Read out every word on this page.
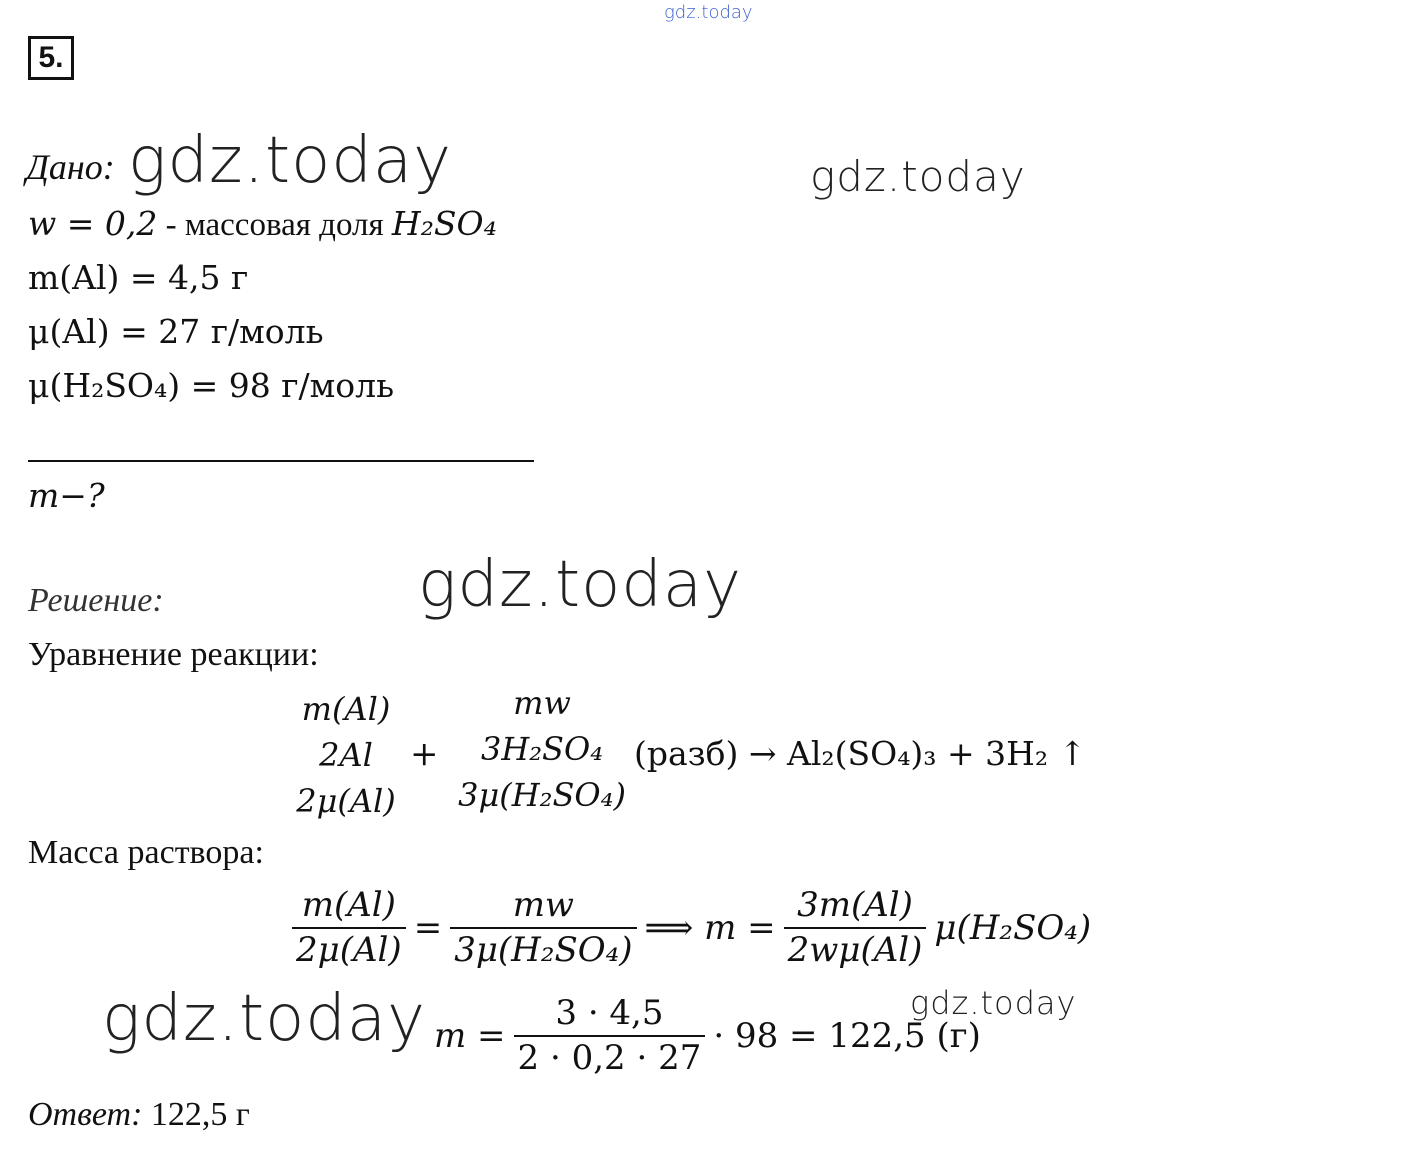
gdz.today
5.
Дано: gdz.today	gdz.today
w = 0,2 - массовая доля H₂SO₄
m(Al) = 4,5 г
μ(Al) = 27 г/моль
μ(H₂SO₄) = 98 г/моль
m−?
Решение:	gdz.today
Уравнение реакции:
m(Al)
2Al
2μ(Al)
+
mw
3H₂SO₄
3μ(H₂SO₄)
(разб) → Al₂(SO₄)₃ + 3H₂ ↑
Масса раствора:
$\frac{m(Al)}{2\mu(Al)} = \frac{mw}{\text{3μ(H₂SO₄)}}$ ⟹ $m = \frac{3m(Al)}{2w\mu(Al)} \mu(H_2SO_4)$
gdz.today	gdz.today
$m = \frac{3 \cdot 4,5}{2 \cdot 0,2 \cdot 27} \cdot 98 = 122,5$ (г)
Ответ: 122,5 г
